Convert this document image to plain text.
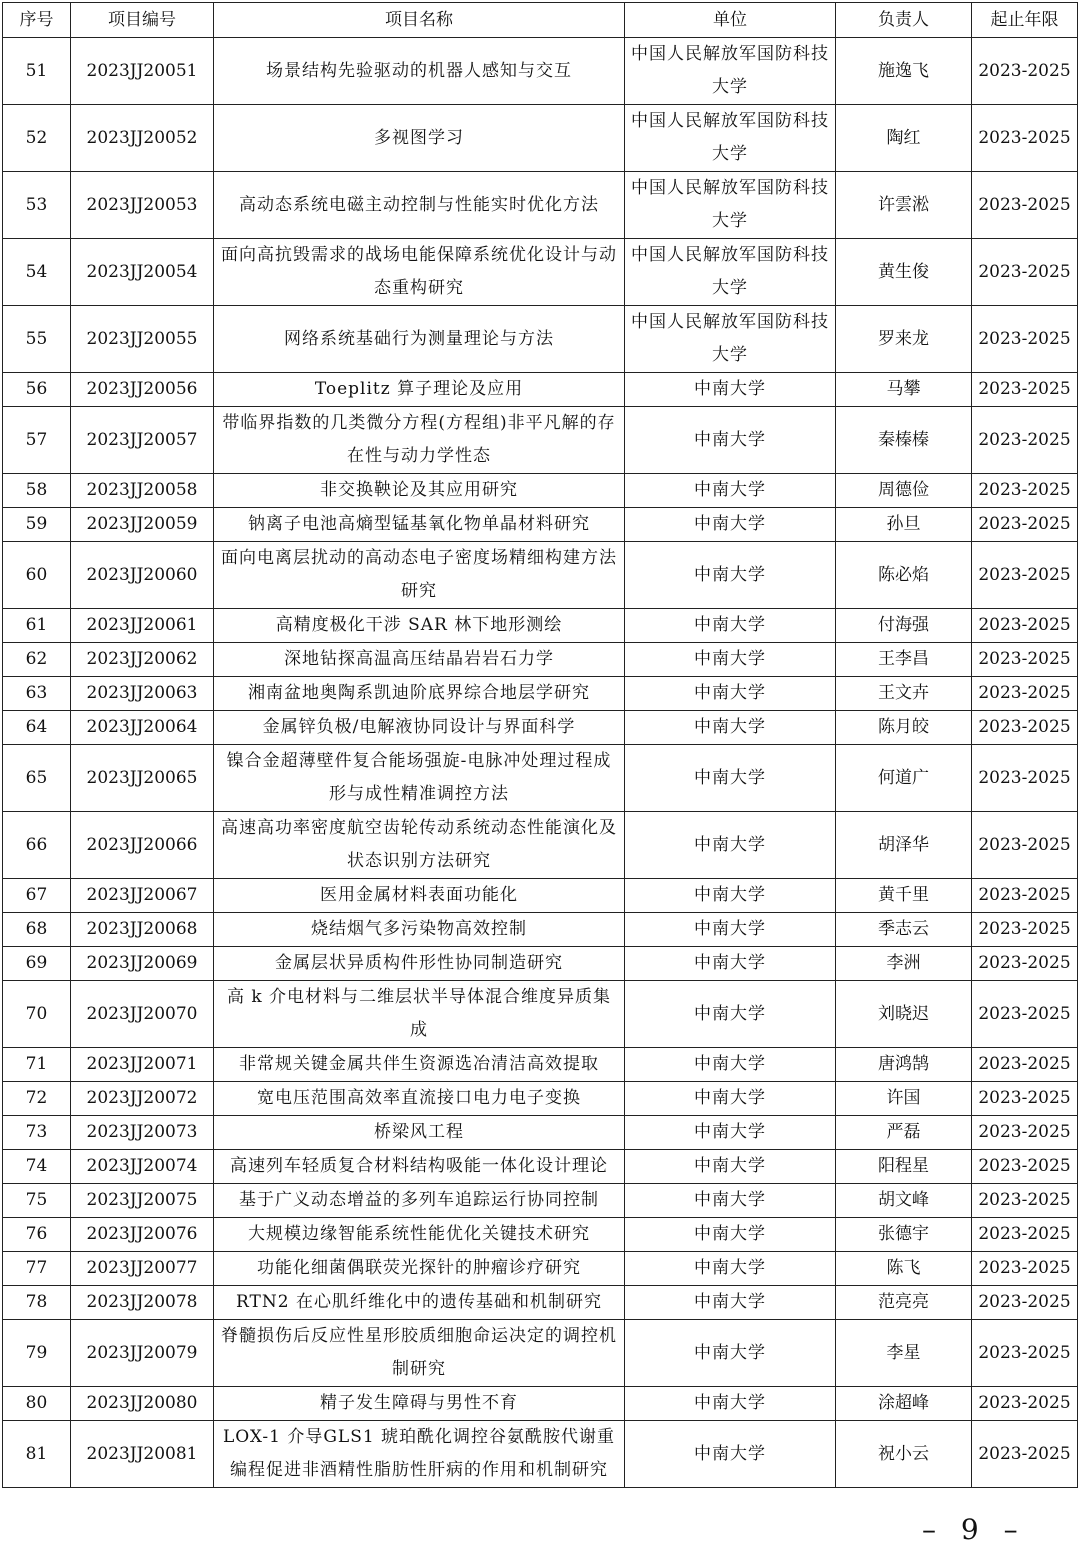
序号	项目编号	项目名称	单位	负责人	起止年限
51	2023JJ20051	场景结构先验驱动的机器人感知与交互	中国人民解放军国防科技大学	施逸飞	2023-2025
52	2023JJ20052	多视图学习	中国人民解放军国防科技大学	陶红	2023-2025
53	2023JJ20053	高动态系统电磁主动控制与性能实时优化方法	中国人民解放军国防科技大学	许雲淞	2023-2025
54	2023JJ20054	面向高抗毁需求的战场电能保障系统优化设计与动态重构研究	中国人民解放军国防科技大学	黄生俊	2023-2025
55	2023JJ20055	网络系统基础行为测量理论与方法	中国人民解放军国防科技大学	罗来龙	2023-2025
56	2023JJ20056	Toeplitz 算子理论及应用	中南大学	马攀	2023-2025
57	2023JJ20057	带临界指数的几类微分方程(方程组)非平凡解的存在性与动力学性态	中南大学	秦榛榛	2023-2025
58	2023JJ20058	非交换鞅论及其应用研究	中南大学	周德俭	2023-2025
59	2023JJ20059	钠离子电池高熵型锰基氧化物单晶材料研究	中南大学	孙旦	2023-2025
60	2023JJ20060	面向电离层扰动的高动态电子密度场精细构建方法研究	中南大学	陈必焰	2023-2025
61	2023JJ20061	高精度极化干涉 SAR 林下地形测绘	中南大学	付海强	2023-2025
62	2023JJ20062	深地钻探高温高压结晶岩岩石力学	中南大学	王李昌	2023-2025
63	2023JJ20063	湘南盆地奥陶系凯迪阶底界综合地层学研究	中南大学	王文卉	2023-2025
64	2023JJ20064	金属锌负极/电解液协同设计与界面科学	中南大学	陈月皎	2023-2025
65	2023JJ20065	镍合金超薄壁件复合能场强旋-电脉冲处理过程成形与成性精准调控方法	中南大学	何道广	2023-2025
66	2023JJ20066	高速高功率密度航空齿轮传动系统动态性能演化及状态识别方法研究	中南大学	胡泽华	2023-2025
67	2023JJ20067	医用金属材料表面功能化	中南大学	黄千里	2023-2025
68	2023JJ20068	烧结烟气多污染物高效控制	中南大学	季志云	2023-2025
69	2023JJ20069	金属层状异质构件形性协同制造研究	中南大学	李洲	2023-2025
70	2023JJ20070	高 k 介电材料与二维层状半导体混合维度异质集成	中南大学	刘晓迟	2023-2025
71	2023JJ20071	非常规关键金属共伴生资源选冶清洁高效提取	中南大学	唐鸿鹄	2023-2025
72	2023JJ20072	宽电压范围高效率直流接口电力电子变换	中南大学	许国	2023-2025
73	2023JJ20073	桥梁风工程	中南大学	严磊	2023-2025
74	2023JJ20074	高速列车轻质复合材料结构吸能一体化设计理论	中南大学	阳程星	2023-2025
75	2023JJ20075	基于广义动态增益的多列车追踪运行协同控制	中南大学	胡文峰	2023-2025
76	2023JJ20076	大规模边缘智能系统性能优化关键技术研究	中南大学	张德宇	2023-2025
77	2023JJ20077	功能化细菌偶联荧光探针的肿瘤诊疗研究	中南大学	陈飞	2023-2025
78	2023JJ20078	RTN2 在心肌纤维化中的遗传基础和机制研究	中南大学	范亮亮	2023-2025
79	2023JJ20079	脊髓损伤后反应性星形胶质细胞命运决定的调控机制研究	中南大学	李星	2023-2025
80	2023JJ20080	精子发生障碍与男性不育	中南大学	涂超峰	2023-2025
81	2023JJ20081	LOX-1 介导GLS1 琥珀酰化调控谷氨酰胺代谢重编程促进非酒精性脂肪性肝病的作用和机制研究	中南大学	祝小云	2023-2025
– 9 –
